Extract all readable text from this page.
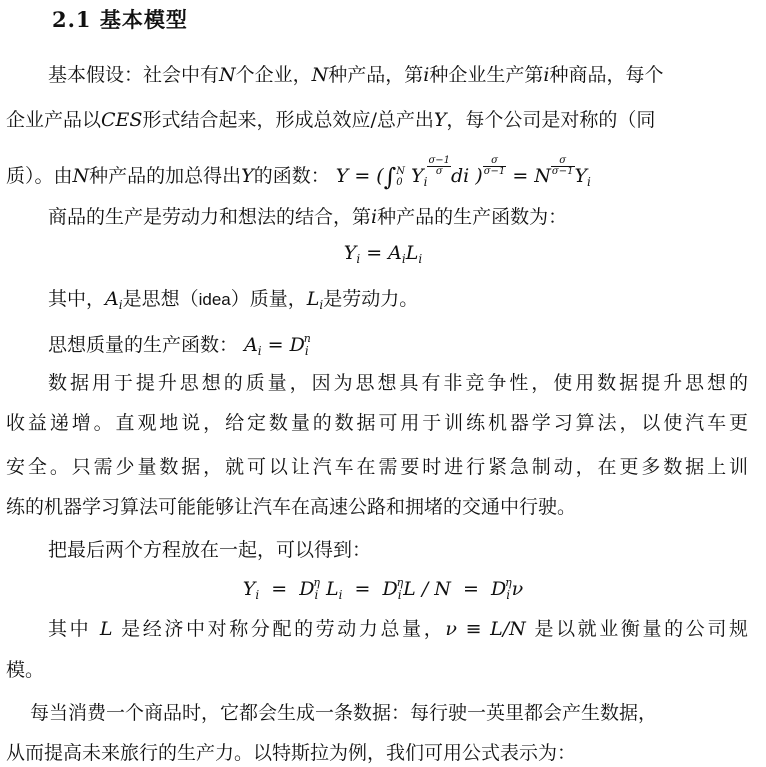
2.1 基本模型
基本假设：社会中有N个企业，N种产品，第i种企业生产第i种商品，每个
企业产品以CES形式结合起来，形成总效应/总产出Y，每个公司是对称的（同
质）。由N种产品的加总得出Y的函数： Y = (∫ N
0 $Y_i$
$\frac{\sigma-1}{\sigma}$ di ) $\frac{\sigma}{\sigma-1} = N \frac{\sigma}{\sigma-1} Y_i$
商品的生产是劳动力和想法的结合，第i种产品的生产函数为：
$Y_i = A_iL_i$
其中，$A_i$是思想（idea）质量，$L_i$是劳动力。
思想质量的生产函数： $A_i = D_i^n$
数据用于提升思想的质量，因为思想具有非竞争性，使用数据提升思想的
收益递增。直观地说，给定数量的数据可用于训练机器学习算法，以使汽车更
安全。只需少量数据，就可以让汽车在需要时进行紧急制动，在更多数据上训
练的机器学习算法可能能够让汽车在高速公路和拥堵的交通中行驶。
把最后两个方程放在一起，可以得到：
$Y_i = D_i^\eta$ $L_i = D_i^\eta L / N = D_i^\eta\nu$
其中 L 是经济中对称分配的劳动力总量，ν ≡ L/N 是以就业衡量的公司规
模。
每当消费一个商品时，它都会生成一条数据：每行驶一英里都会产生数据，
从而提高未来旅行的生产力。以特斯拉为例，我们可用公式表示为：
